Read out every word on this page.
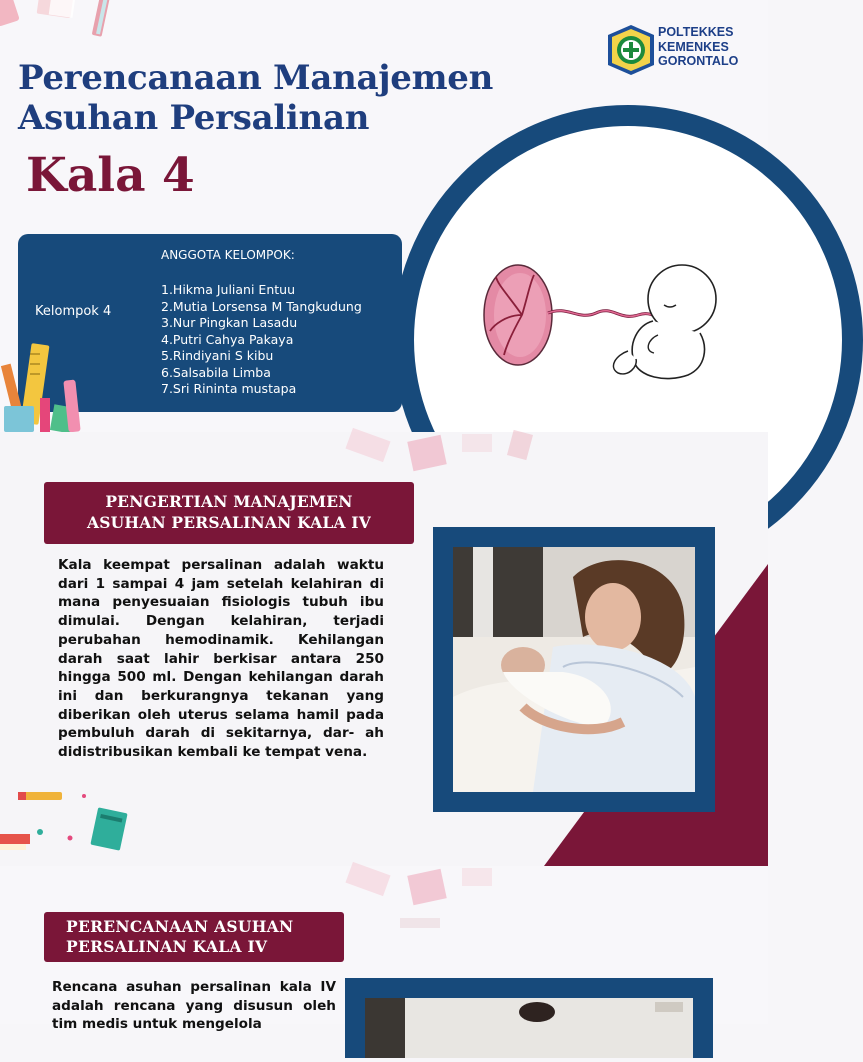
POLTEKKES
KEMENKES
GORONTALO
Perencanaan Manajemen
Asuhan Persalinan
Kala 4
Kelompok 4
ANGGOTA KELOMPOK:
1.Hikma Juliani Entuu
2.Mutia Lorsensa M Tangkudung
3.Nur Pingkan Lasadu
4.Putri Cahya Pakaya
5.Rindiyani S kibu
6.Salsabila Limba
7.Sri Rininta mustapa
PENGERTIAN MANAJEMEN
ASUHAN PERSALINAN KALA IV

Kala keempat persalinan adalah waktu dari 1 sampai 4 jam setelah kelahiran di mana penyesuaian fisiologis tubuh ibu dimulai. Dengan kelahiran, terjadi perubahan hemodinamik. Kehilangan darah saat lahir berkisar antara 250 hingga 500 ml. Dengan kehilangan darah ini dan berkurangnya tekanan yang diberikan oleh uterus selama hamil pada pembuluh darah di sekitarnya, dar- ah didistribusikan kembali ke tempat vena.

PERENCANAAN ASUHAN
PERSALINAN KALA IV

Rencana asuhan persalinan kala IV adalah rencana yang disusun oleh tim medis untuk mengelola
